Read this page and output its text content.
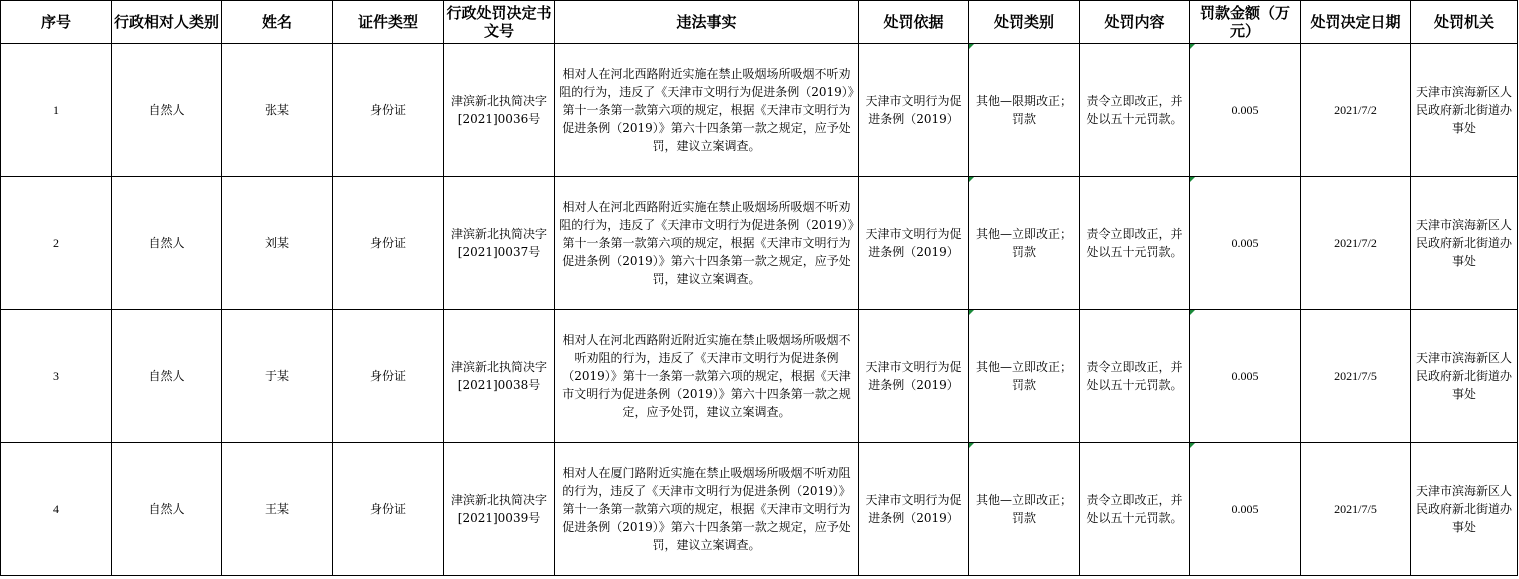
序号	行政相对人类别	姓名	证件类型	行政处罚决定书文号	违法事实	处罚依据	处罚类别	处罚内容	罚款金额（万元）	处罚决定日期	处罚机关
1	自然人	张某	身份证	津滨新北执简决字[2021]0036号	相对人在河北西路附近实施在禁止吸烟场所吸烟不听劝阻的行为，违反了《天津市文明行为促进条例（2019）》第十一条第一款第六项的规定，根据《天津市文明行为促进条例（2019）》第六十四条第一款之规定，应予处罚，建议立案调查。	天津市文明行为促进条例（2019）	其他—限期改正；罚款	责令立即改正，并处以五十元罚款。	0.005	2021/7/2	天津市滨海新区人民政府新北街道办事处
2	自然人	刘某	身份证	津滨新北执简决字[2021]0037号	相对人在河北西路附近实施在禁止吸烟场所吸烟不听劝阻的行为，违反了《天津市文明行为促进条例（2019）》第十一条第一款第六项的规定，根据《天津市文明行为促进条例（2019）》第六十四条第一款之规定，应予处罚，建议立案调查。	天津市文明行为促进条例（2019）	其他—立即改正；罚款	责令立即改正，并处以五十元罚款。	0.005	2021/7/2	天津市滨海新区人民政府新北街道办事处
3	自然人	于某	身份证	津滨新北执简决字[2021]0038号	相对人在河北西路附近附近实施在禁止吸烟场所吸烟不听劝阻的行为，违反了《天津市文明行为促进条例（2019）》第十一条第一款第六项的规定，根据《天津市文明行为促进条例（2019）》第六十四条第一款之规定，应予处罚，建议立案调查。	天津市文明行为促进条例（2019）	其他—立即改正；罚款	责令立即改正，并处以五十元罚款。	0.005	2021/7/5	天津市滨海新区人民政府新北街道办事处
4	自然人	王某	身份证	津滨新北执简决字[2021]0039号	相对人在厦门路附近实施在禁止吸烟场所吸烟不听劝阻的行为，违反了《天津市文明行为促进条例（2019）》第十一条第一款第六项的规定，根据《天津市文明行为促进条例（2019）》第六十四条第一款之规定，应予处罚，建议立案调查。	天津市文明行为促进条例（2019）	其他—立即改正；罚款	责令立即改正，并处以五十元罚款。	0.005	2021/7/5	天津市滨海新区人民政府新北街道办事处
